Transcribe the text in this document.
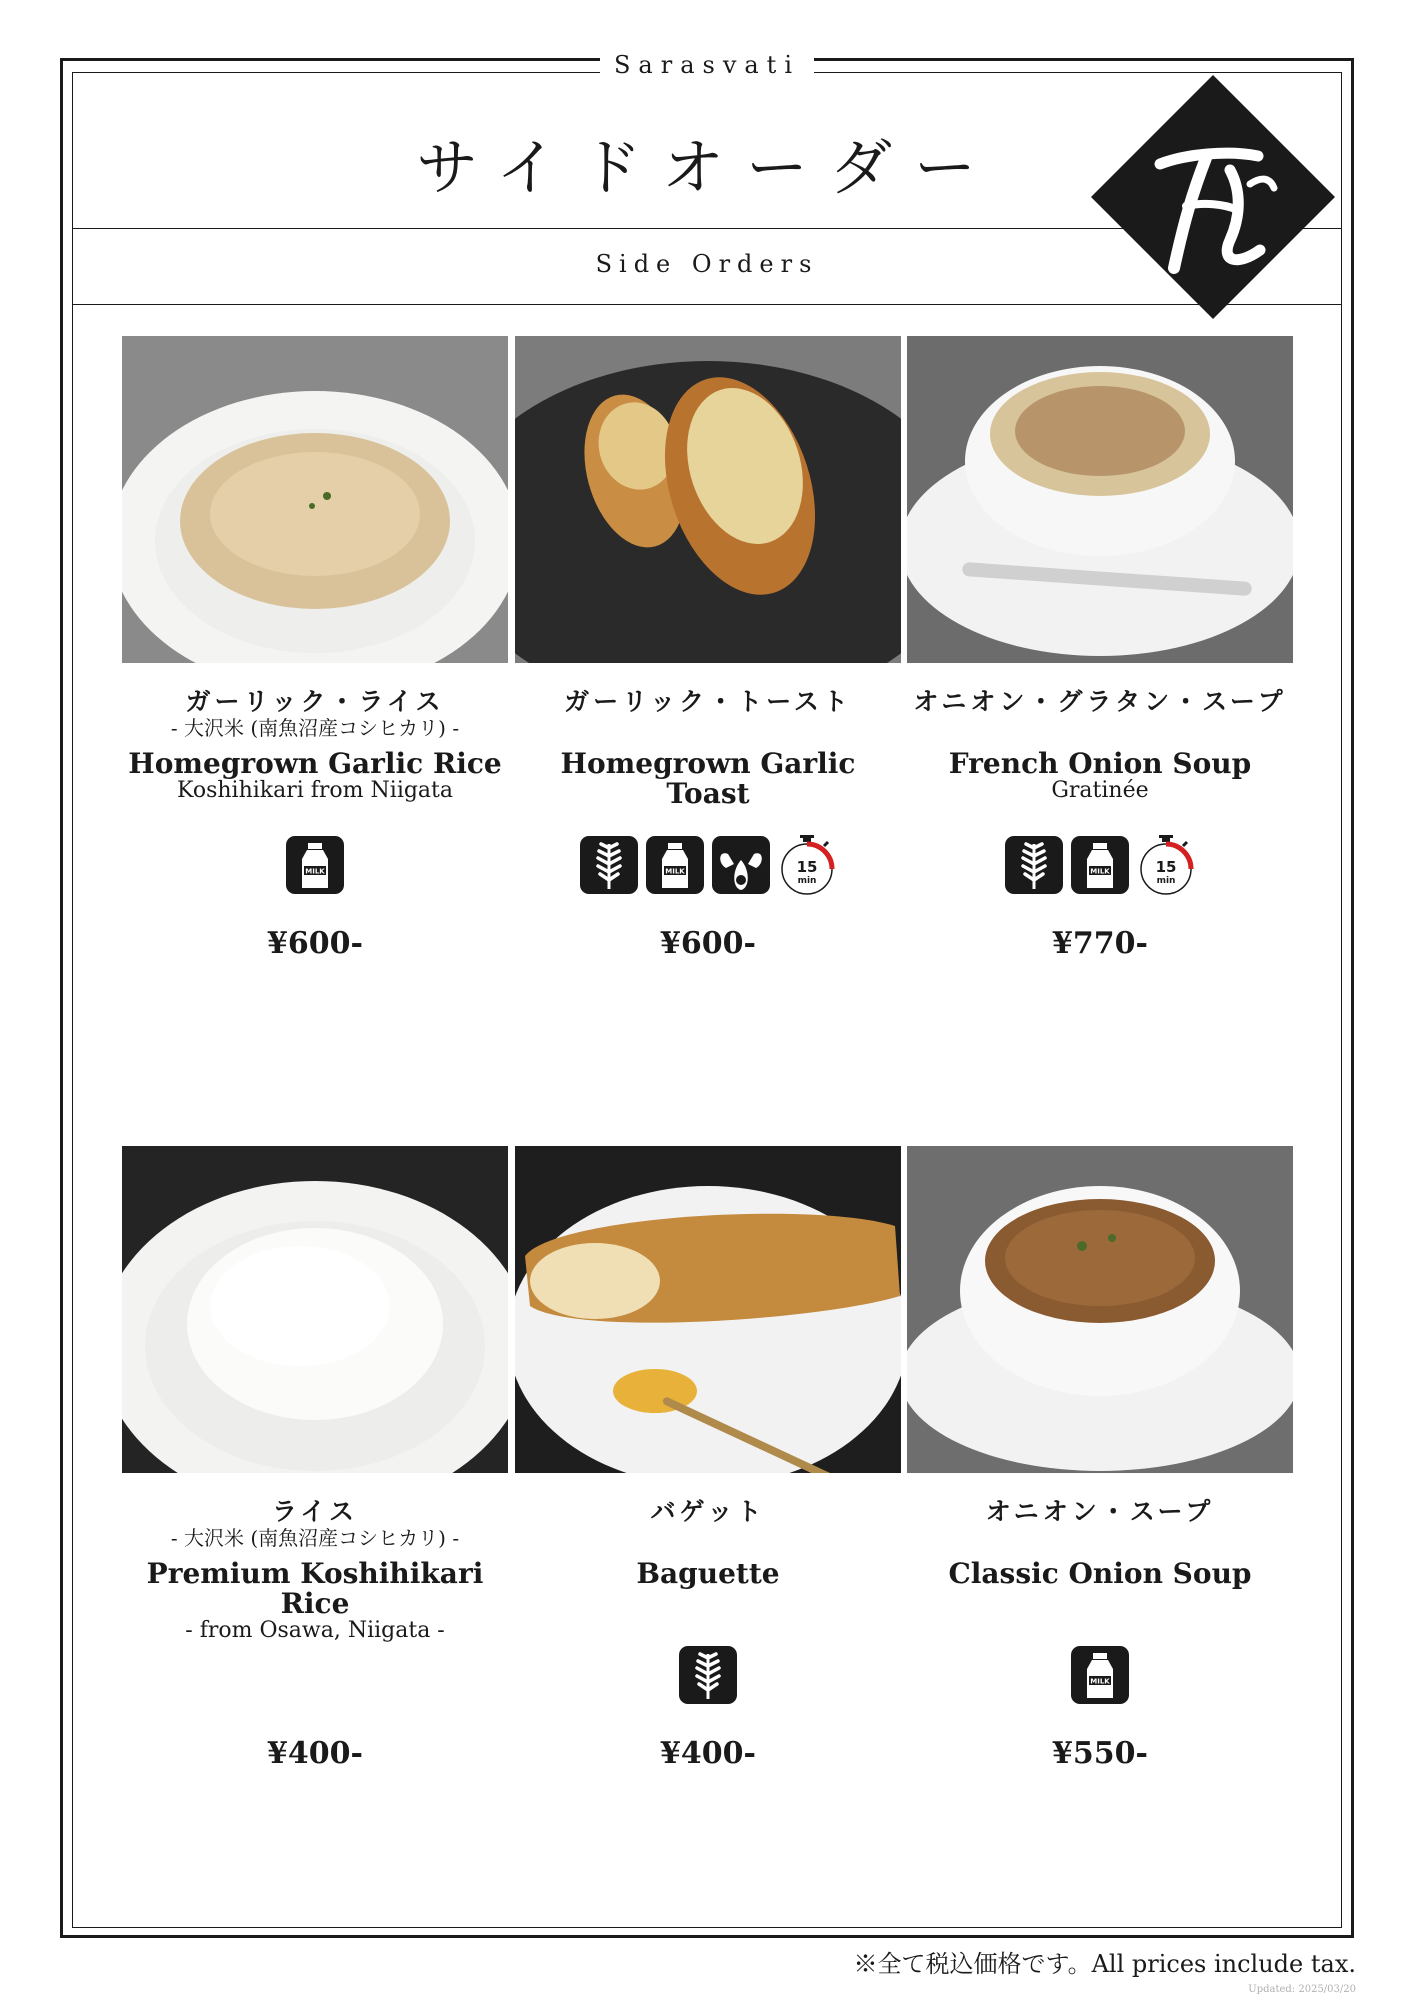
Sarasvati
サイドオーダー
Side Orders
ガーリック・ライス
- 大沢米 (南魚沼産コシヒカリ) -
Homegrown Garlic Rice
Koshihikari from Niigata
MILK
¥600-
ガーリック・トースト
Homegrown Garlic Toast
MILK	15
min
¥600-
オニオン・グラタン・スープ
French Onion Soup
Gratinée
MILK	15
min
¥770-
ライス
- 大沢米 (南魚沼産コシヒカリ) -
Premium Koshihikari Rice
- from Osawa, Niigata -
¥400-
バゲット
Baguette
¥400-
オニオン・スープ
Classic Onion Soup
MILK
¥550-
※全て税込価格です。All prices include tax.
Updated: 2025/03/20
